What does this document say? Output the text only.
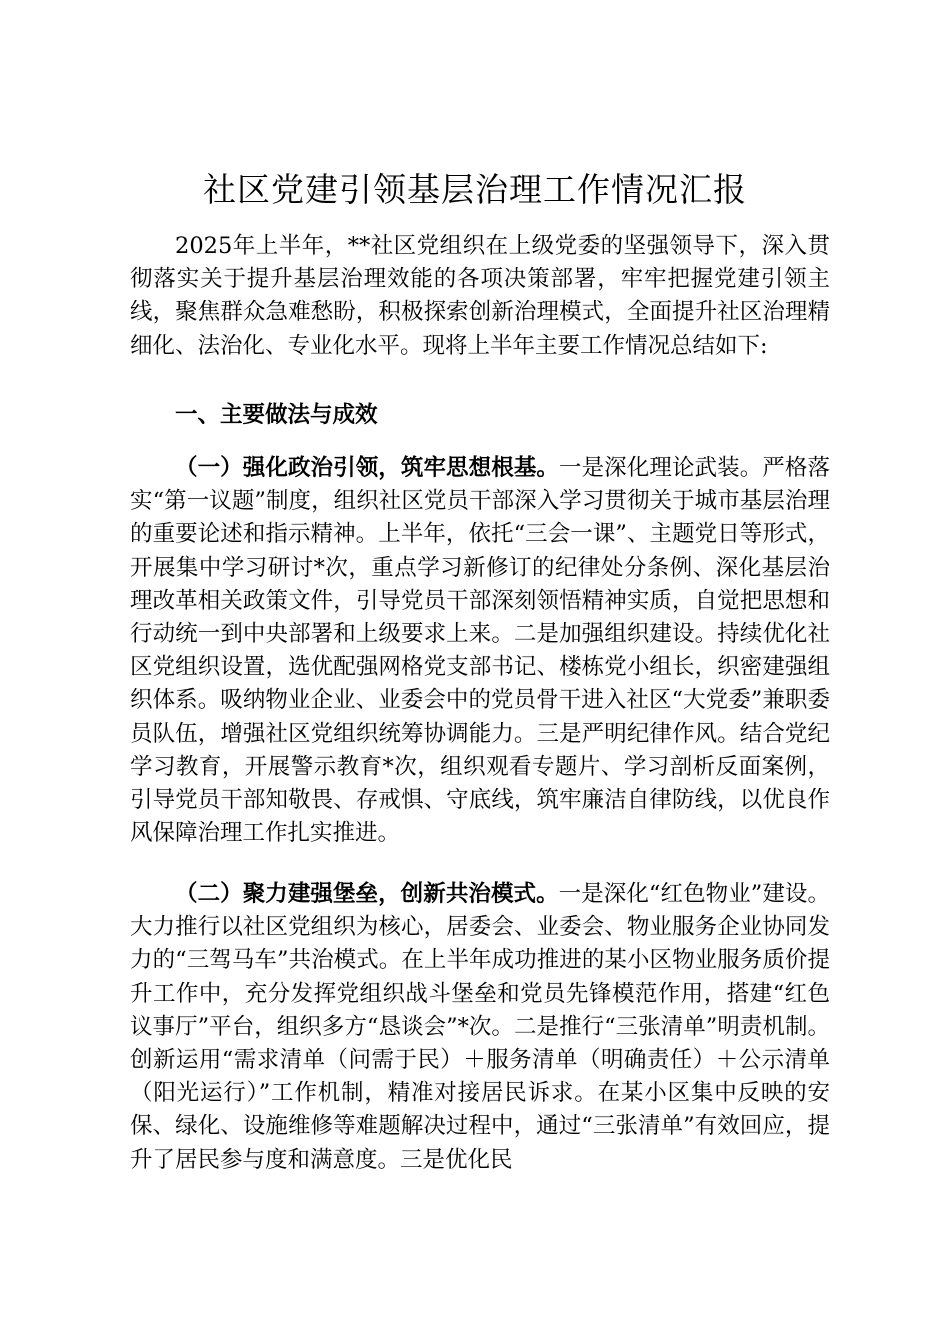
社区党建引领基层治理工作情况汇报

2025年上半年，**社区党组织在上级党委的坚强领导下，深入贯彻落实关于提升基层治理效能的各项决策部署，牢牢把握党建引领主线，聚焦群众急难愁盼，积极探索创新治理模式，全面提升社区治理精细化、法治化、专业化水平。现将上半年主要工作情况总结如下:

一、主要做法与成效

（一）强化政治引领，筑牢思想根基。一是深化理论武装。严格落实“第一议题”制度，组织社区党员干部深入学习贯彻关于城市基层治理的重要论述和指示精神。上半年，依托“三会一课”、主题党日等形式，开展集中学习研讨*次，重点学习新修订的纪律处分条例、深化基层治理改革相关政策文件，引导党员干部深刻领悟精神实质，自觉把思想和行动统一到中央部署和上级要求上来。二是加强组织建设。持续优化社区党组织设置，选优配强网格党支部书记、楼栋党小组长，织密建强组织体系。吸纳物业企业、业委会中的党员骨干进入社区“大党委”兼职委员队伍，增强社区党组织统筹协调能力。三是严明纪律作风。结合党纪学习教育，开展警示教育*次，组织观看专题片、学习剖析反面案例，引导党员干部知敬畏、存戒惧、守底线，筑牢廉洁自律防线，以优良作风保障治理工作扎实推进。

（二）聚力建强堡垒，创新共治模式。一是深化“红色物业”建设。大力推行以社区党组织为核心，居委会、业委会、物业服务企业协同发力的“三驾马车”共治模式。在上半年成功推进的某小区物业服务质价提升工作中，充分发挥党组织战斗堡垒和党员先锋模范作用，搭建“红色议事厅”平台，组织多方“恳谈会”*次。二是推行“三张清单”明责机制。创新运用“需求清单（问需于民）＋服务清单（明确责任）＋公示清单（阳光运行）”工作机制，精准对接居民诉求。在某小区集中反映的安保、绿化、设施维修等难题解决过程中，通过“三张清单”有效回应，提升了居民参与度和满意度。三是优化民
